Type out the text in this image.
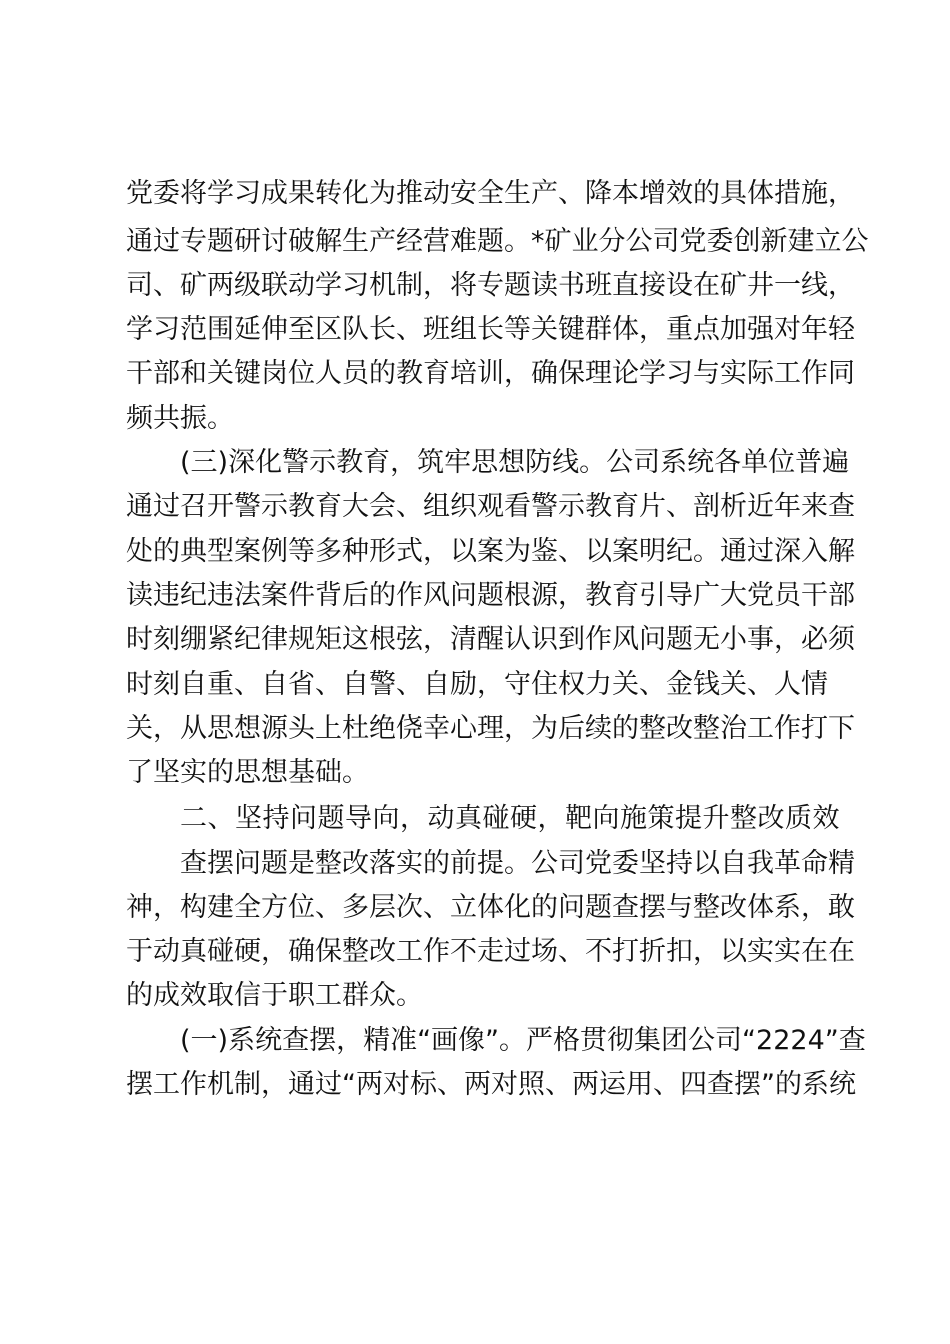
党委将学习成果转化为推动安全生产、降本增效的具体措施，
通过专题研讨破解生产经营难题。*矿业分公司党委创新建立公
司、矿两级联动学习机制，将专题读书班直接设在矿井一线，
学习范围延伸至区队长、班组长等关键群体，重点加强对年轻
干部和关键岗位人员的教育培训，确保理论学习与实际工作同
频共振。
(三)深化警示教育，筑牢思想防线。公司系统各单位普遍
通过召开警示教育大会、组织观看警示教育片、剖析近年来查
处的典型案例等多种形式，以案为鉴、以案明纪。通过深入解
读违纪违法案件背后的作风问题根源，教育引导广大党员干部
时刻绷紧纪律规矩这根弦，清醒认识到作风问题无小事，必须
时刻自重、自省、自警、自励，守住权力关、金钱关、人情
关，从思想源头上杜绝侥幸心理，为后续的整改整治工作打下
了坚实的思想基础。
二、坚持问题导向，动真碰硬，靶向施策提升整改质效
查摆问题是整改落实的前提。公司党委坚持以自我革命精
神，构建全方位、多层次、立体化的问题查摆与整改体系，敢
于动真碰硬，确保整改工作不走过场、不打折扣，以实实在在
的成效取信于职工群众。
(一)系统查摆，精准“画像”。严格贯彻集团公司“2224”查
摆工作机制，通过“两对标、两对照、两运用、四查摆”的系统
